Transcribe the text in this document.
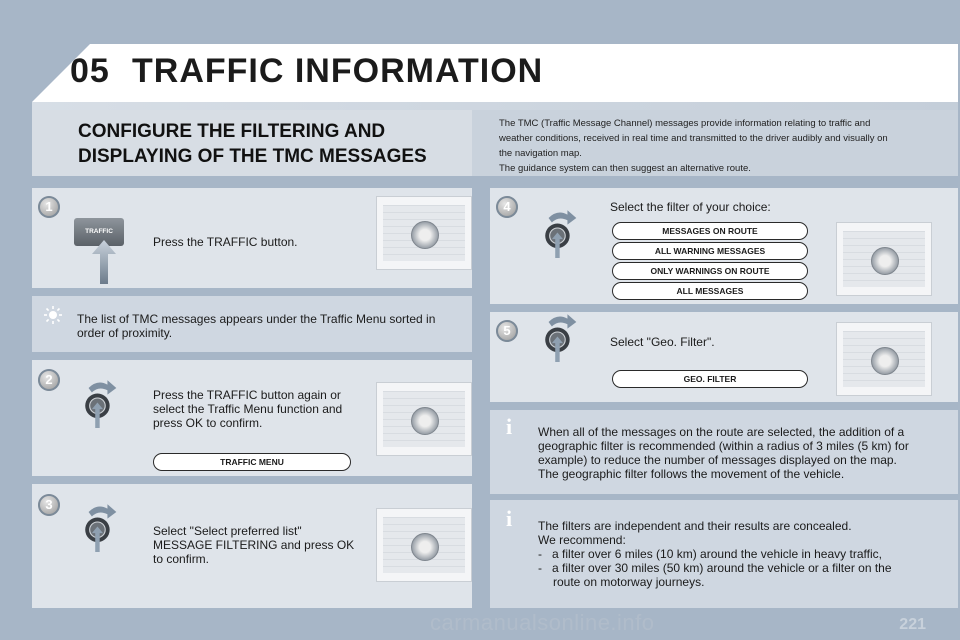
05 TRAFFIC INFORMATION
CONFIGURE THE FILTERING AND
DISPLAYING OF THE TMC MESSAGES

The TMC (Traffic Message Channel) messages provide information relating to traffic and

weather conditions, received in real time and transmitted to the driver audibly and visually on

the navigation map.

The guidance system can then suggest an alternative route.

1
TRAFFIC
Press the TRAFFIC button.
The list of TMC messages appears under the Traffic Menu sorted in
order of proximity.
2
Press the TRAFFIC button again or
select the Traffic Menu function and
press OK to confirm.
TRAFFIC MENU
3
Select "Select preferred list"
MESSAGE FILTERING and press OK
to confirm.
4	Select the filter of your choice:
MESSAGES ON ROUTE
ALL WARNING MESSAGES
ONLY WARNINGS ON ROUTE
ALL MESSAGES
5
Select "Geo. Filter".
GEO. FILTER
i	When all of the messages on the route are selected, the addition of a
geographic filter is recommended (within a radius of 3 miles (5 km) for
example) to reduce the number of messages displayed on the map.
The geographic filter follows the movement of the vehicle.
i	The filters are independent and their results are concealed.
We recommend:
- a filter over 6 miles (10 km) around the vehicle in heavy traffic,
- a filter over 30 miles (50 km) around the vehicle or a filter on the
route on motorway journeys.
carmanualsonline.info	221
